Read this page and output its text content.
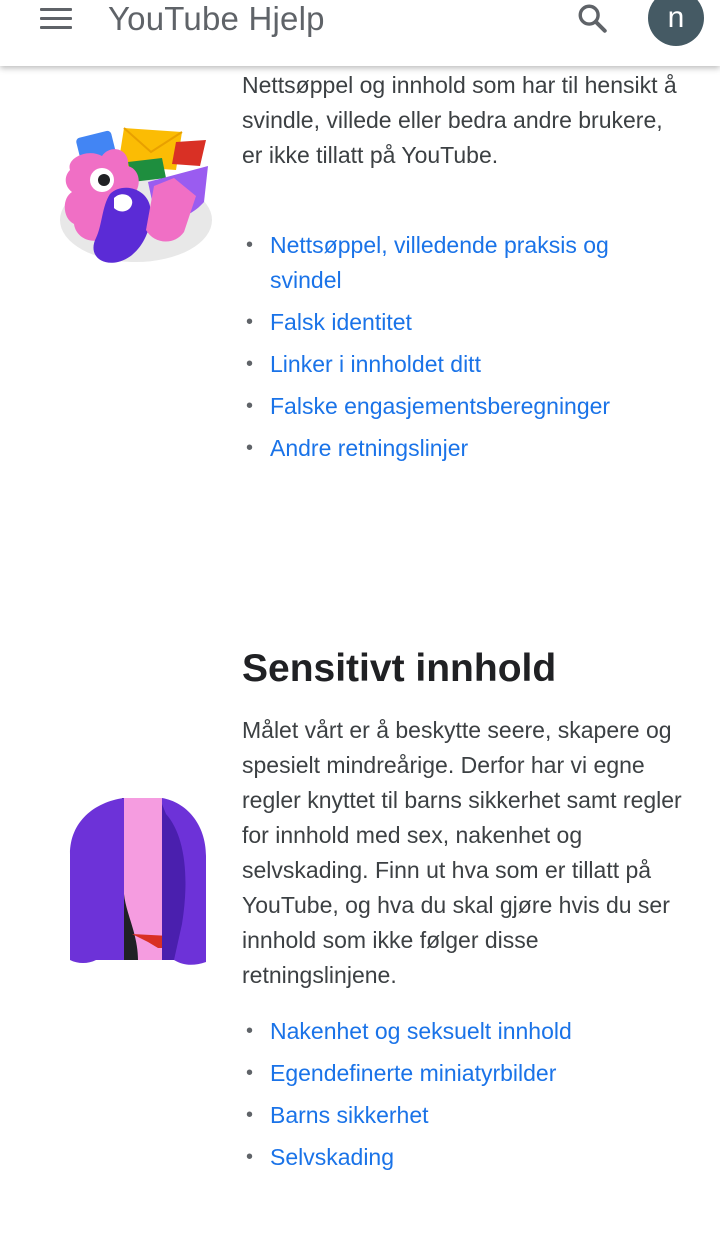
YouTube Hjelp	n
Nettsøppel og innhold som har til hensikt å svindle, villede eller bedra andre brukere, er ikke tillatt på YouTube.
• Nettsøppel, villedende praksis og svindel
• Falsk identitet
• Linker i innholdet ditt
• Falske engasjementsberegninger
• Andre retningslinjer
Sensitivt innhold
Målet vårt er å beskytte seere, skapere og spesielt mindreårige. Derfor har vi egne regler knyttet til barns sikkerhet samt regler for innhold med sex, nakenhet og selvskading. Finn ut hva som er tillatt på YouTube, og hva du skal gjøre hvis du ser innhold som ikke følger disse retningslinjene.
• Nakenhet og seksuelt innhold
• Egendefinerte miniatyrbilder
• Barns sikkerhet
• Selvskading
